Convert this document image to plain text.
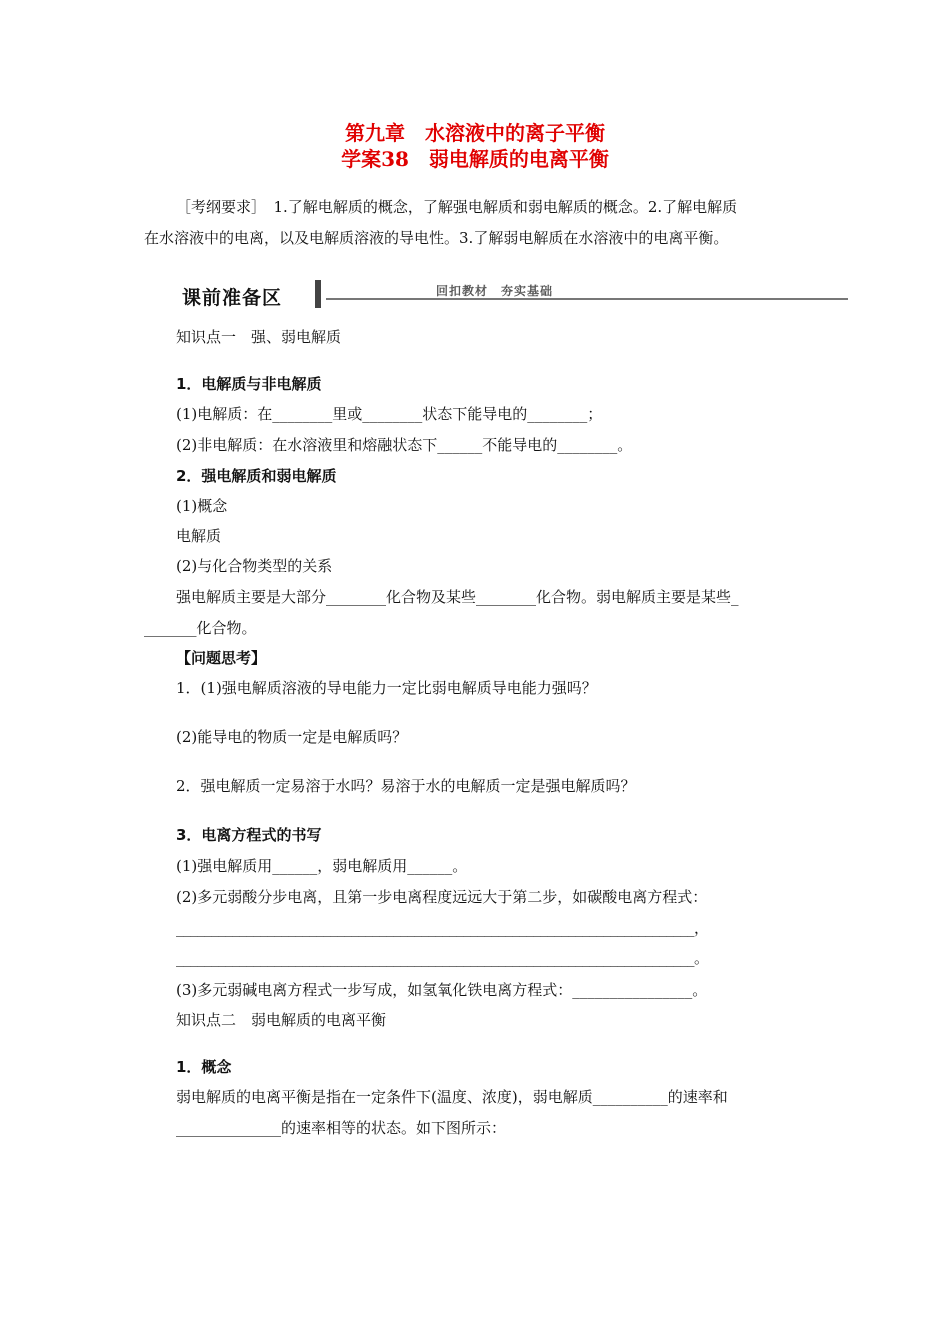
第九章　水溶液中的离子平衡
学案38　弱电解质的电离平衡
［考纲要求］　1.了解电解质的概念，了解强电解质和弱电解质的概念。2.了解电解质
在水溶液中的电离，以及电解质溶液的导电性。3.了解弱电解质在水溶液中的电离平衡。
课前准备区	回扣教材　夯实基础
知识点一　强、弱电解质
1．电解质与非电解质
(1)电解质：在________里或________状态下能导电的________；
(2)非电解质：在水溶液里和熔融状态下______不能导电的________。
2．强电解质和弱电解质
(1)概念
电解质
(2)与化合物类型的关系
强电解质主要是大部分________化合物及某些________化合物。弱电解质主要是某些_
_______化合物。
【问题思考】
1．(1)强电解质溶液的导电能力一定比弱电解质导电能力强吗？
(2)能导电的物质一定是电解质吗？
2．强电解质一定易溶于水吗？易溶于水的电解质一定是强电解质吗？
3．电离方程式的书写
(1)强电解质用______，弱电解质用______。
(2)多元弱酸分步电离，且第一步电离程度远远大于第二步，如碳酸电离方程式：
__________________________________________________________________________，
__________________________________________________________________________。
(3)多元弱碱电离方程式一步写成，如氢氧化铁电离方程式：________________。
知识点二　弱电解质的电离平衡
1．概念
弱电解质的电离平衡是指在一定条件下(温度、浓度)，弱电解质__________的速率和
______________的速率相等的状态。如下图所示：
